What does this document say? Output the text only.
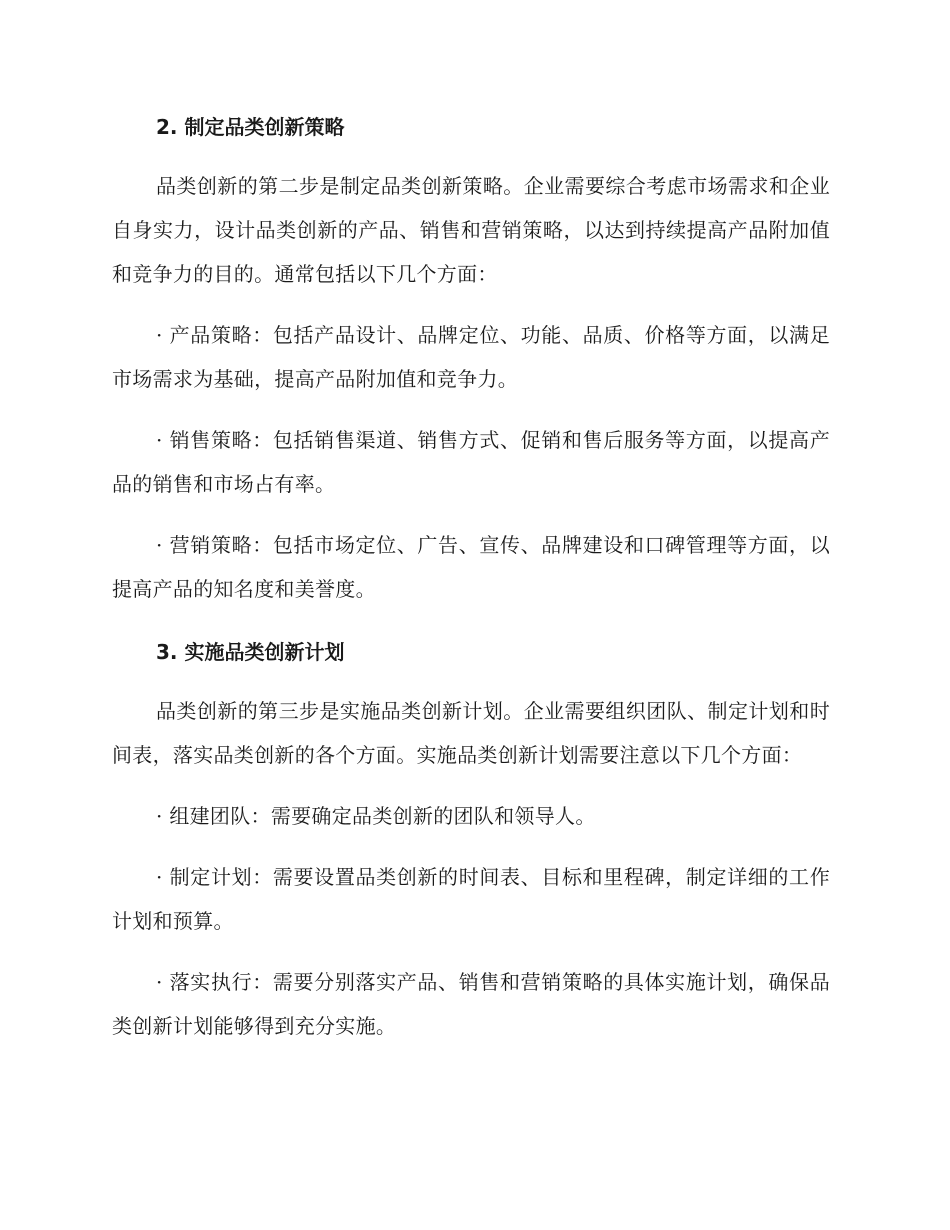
2. 制定品类创新策略

品类创新的第二步是制定品类创新策略。企业需要综合考虑市场需求和企业自身实力，设计品类创新的产品、销售和营销策略，以达到持续提高产品附加值和竞争力的目的。通常包括以下几个方面：

· 产品策略：包括产品设计、品牌定位、功能、品质、价格等方面，以满足市场需求为基础，提高产品附加值和竞争力。

· 销售策略：包括销售渠道、销售方式、促销和售后服务等方面，以提高产品的销售和市场占有率。

· 营销策略：包括市场定位、广告、宣传、品牌建设和口碑管理等方面，以提高产品的知名度和美誉度。

3. 实施品类创新计划

品类创新的第三步是实施品类创新计划。企业需要组织团队、制定计划和时间表，落实品类创新的各个方面。实施品类创新计划需要注意以下几个方面：

· 组建团队：需要确定品类创新的团队和领导人。

· 制定计划：需要设置品类创新的时间表、目标和里程碑，制定详细的工作计划和预算。

· 落实执行：需要分别落实产品、销售和营销策略的具体实施计划，确保品类创新计划能够得到充分实施。
